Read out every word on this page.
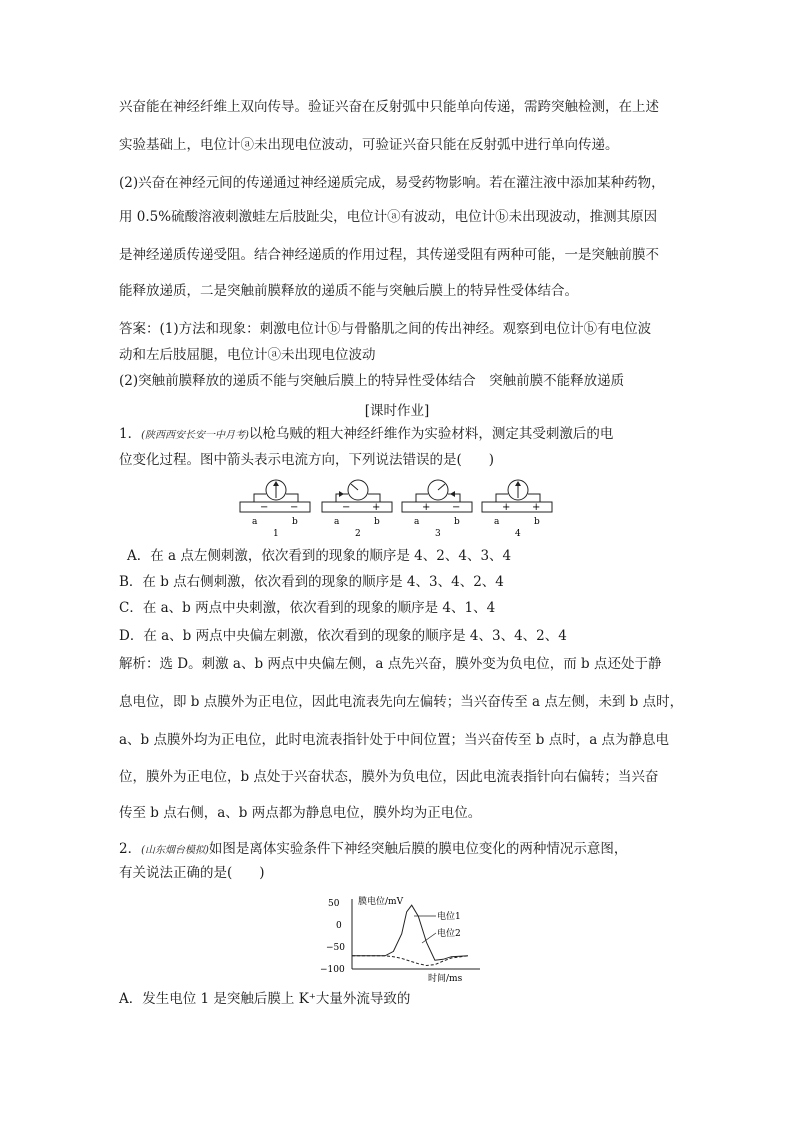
兴奋能在神经纤维上双向传导。验证兴奋在反射弧中只能单向传递，需跨突触检测，在上述
实验基础上，电位计ⓐ未出现电位波动，可验证兴奋只能在反射弧中进行单向传递。
(2)兴奋在神经元间的传递通过神经递质完成，易受药物影响。若在灌注液中添加某种药物，
用 0.5%硫酸溶液刺激蛙左后肢趾尖，电位计ⓐ有波动，电位计ⓑ未出现波动，推测其原因
是神经递质传递受阻。结合神经递质的作用过程，其传递受阻有两种可能，一是突触前膜不
能释放递质，二是突触前膜释放的递质不能与突触后膜上的特异性受体结合。
答案：(1)方法和现象：刺激电位计ⓑ与骨骼肌之间的传出神经。观察到电位计ⓑ有电位波
动和左后肢屈腿，电位计ⓐ未出现电位波动
(2)突触前膜释放的递质不能与突触后膜上的特异性受体结合　突触前膜不能释放递质
[课时作业]
1．(陕西西安长安一中月考)以枪乌贼的粗大神经纤维作为实验材料，测定其受刺激后的电
位变化过程。图中箭头表示电流方向，下列说法错误的是(　　)
− −
a	b
1
− +
a	b
2
+ −
a	b
3
+ +
a	b
4
A．在 a 点左侧刺激，依次看到的现象的顺序是 4、2、4、3、4
B．在 b 点右侧刺激，依次看到的现象的顺序是 4、3、4、2、4
C．在 a、b 两点中央刺激，依次看到的现象的顺序是 4、1、4
D．在 a、b 两点中央偏左刺激，依次看到的现象的顺序是 4、3、4、2、4
解析：选 D。刺激 a、b 两点中央偏左侧，a 点先兴奋，膜外变为负电位，而 b 点还处于静
息电位，即 b 点膜外为正电位，因此电流表先向左偏转；当兴奋传至 a 点左侧，未到 b 点时，
a、b 点膜外均为正电位，此时电流表指针处于中间位置；当兴奋传至 b 点时，a 点为静息电
位，膜外为正电位，b 点处于兴奋状态，膜外为负电位，因此电流表指针向右偏转；当兴奋
传至 b 点右侧，a、b 两点都为静息电位，膜外均为正电位。
2．(山东烟台模拟)如图是离体实验条件下神经突触后膜的膜电位变化的两种情况示意图，
有关说法正确的是(　　)
膜电位/mV
时间/ms
50
0
−50
−100
电位1
电位2
A．发生电位 1 是突触后膜上 K⁺大量外流导致的
